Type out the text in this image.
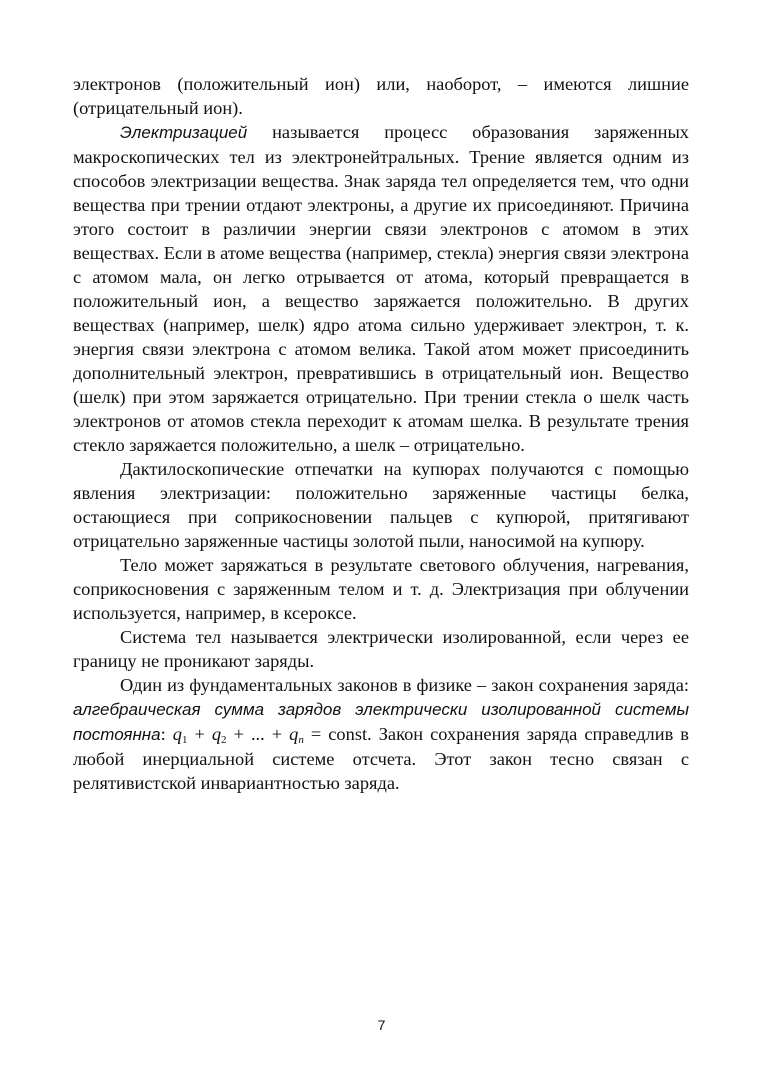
электронов (положительный ион) или, наоборот, – имеются лишние (отрицательный ион).

Электризацией называется процесс образования заряженных макроскопических тел из электронейтральных. Трение является одним из способов электризации вещества. Знак заряда тел определяется тем, что одни вещества при трении отдают электроны, а другие их присоединяют. Причина этого состоит в различии энергии связи электронов с атомом в этих веществах. Если в атоме вещества (например, стекла) энергия связи электрона с атомом мала, он легко отрывается от атома, который превращается в положительный ион, а вещество заряжается положительно. В других веществах (например, шелк) ядро атома сильно удерживает электрон, т. к. энергия связи электрона с атомом велика. Такой атом может присоединить дополнительный электрон, превратившись в отрицательный ион. Вещество (шелк) при этом заряжается отрицательно. При трении стекла о шелк часть электронов от атомов стекла переходит к атомам шелка. В результате трения стекло заряжается положительно, а шелк – отрицательно.

Дактилоскопические отпечатки на купюрах получаются с помощью явления электризации: положительно заряженные частицы белка, остающиеся при соприкосновении пальцев с купюрой, притягивают отрицательно заряженные частицы золотой пыли, наносимой на купюру.

Тело может заряжаться в результате светового облучения, нагревания, соприкосновения с заряженным телом и т. д. Электризация при облучении используется, например, в ксероксе.

Система тел называется электрически изолированной, если через ее границу не проникают заряды.

Один из фундаментальных законов в физике – закон сохранения заряда: алгебраическая сумма зарядов электрически изолированной системы постоянна: $q_1 + q_2$ + ... + $q_n$ = const. Закон сохранения заряда справедлив в любой инерциальной системе отсчета. Этот закон тесно связан с релятивистской инвариантностью заряда.

7
